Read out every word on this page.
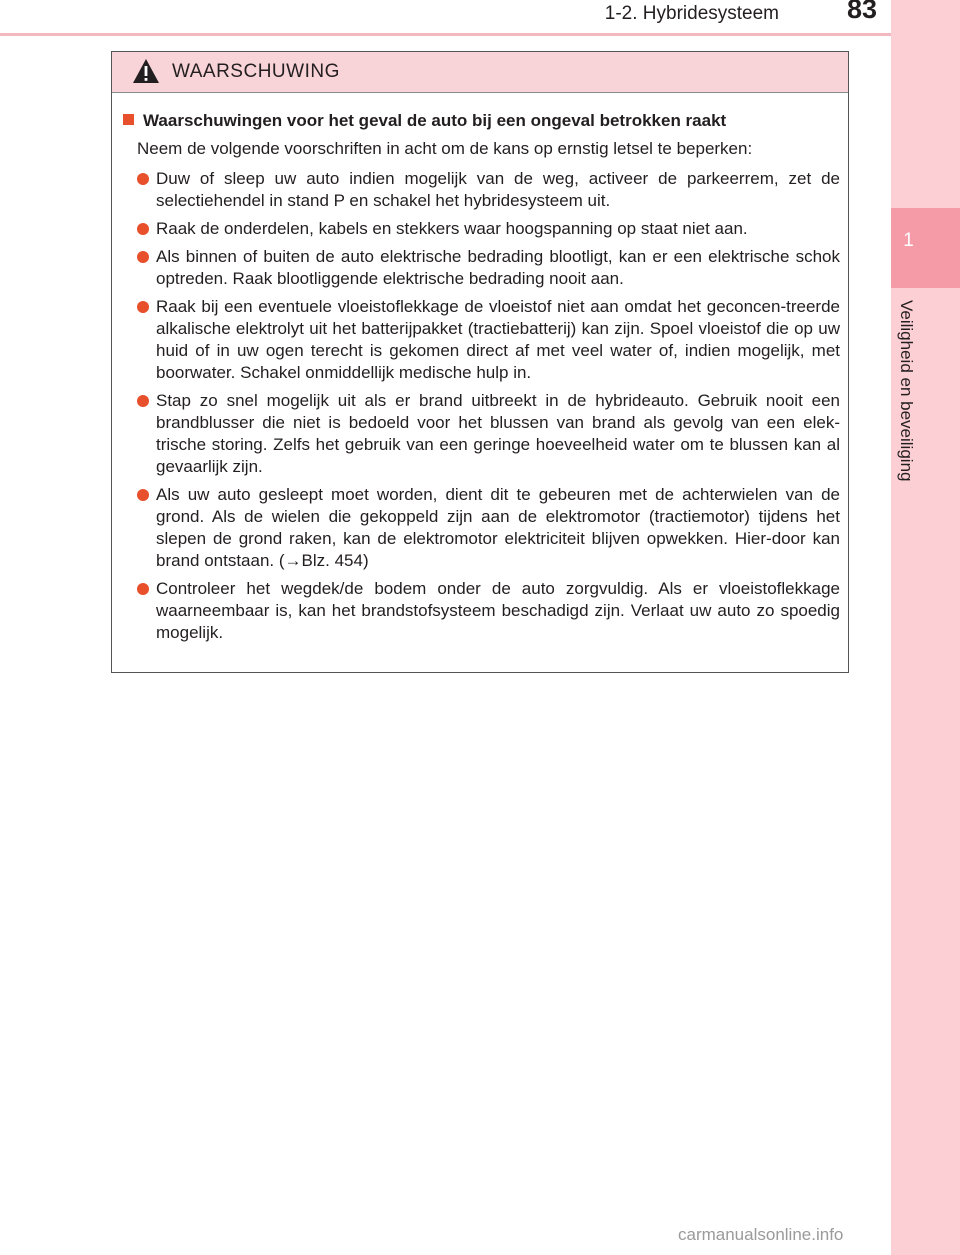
1-2. Hybridesysteem	83
1
Veiligheid en beveiliging
WAARSCHUWING
Waarschuwingen voor het geval de auto bij een ongeval betrokken raakt
Neem de volgende voorschriften in acht om de kans op ernstig letsel te beperken:
Duw of sleep uw auto indien mogelijk van de weg, activeer de parkeerrem, zet de selectiehendel in stand P en schakel het hybridesysteem uit.
Raak de onderdelen, kabels en stekkers waar hoogspanning op staat niet aan.
Als binnen of buiten de auto elektrische bedrading blootligt, kan er een elektrische schok optreden. Raak blootliggende elektrische bedrading nooit aan.
Raak bij een eventuele vloeistoflekkage de vloeistof niet aan omdat het geconcen-treerde alkalische elektrolyt uit het batterijpakket (tractiebatterij) kan zijn. Spoel vloeistof die op uw huid of in uw ogen terecht is gekomen direct af met veel water of, indien mogelijk, met boorwater. Schakel onmiddellijk medische hulp in.
Stap zo snel mogelijk uit als er brand uitbreekt in de hybrideauto. Gebruik nooit een brandblusser die niet is bedoeld voor het blussen van brand als gevolg van een elek-trische storing. Zelfs het gebruik van een geringe hoeveelheid water om te blussen kan al gevaarlijk zijn.
Als uw auto gesleept moet worden, dient dit te gebeuren met de achterwielen van de grond. Als de wielen die gekoppeld zijn aan de elektromotor (tractiemotor) tijdens het slepen de grond raken, kan de elektromotor elektriciteit blijven opwekken. Hier-door kan brand ontstaan. (→Blz. 454)
Controleer het wegdek/de bodem onder de auto zorgvuldig. Als er vloeistoflekkage waarneembaar is, kan het brandstofsysteem beschadigd zijn. Verlaat uw auto zo spoedig mogelijk.
carmanualsonline.info
